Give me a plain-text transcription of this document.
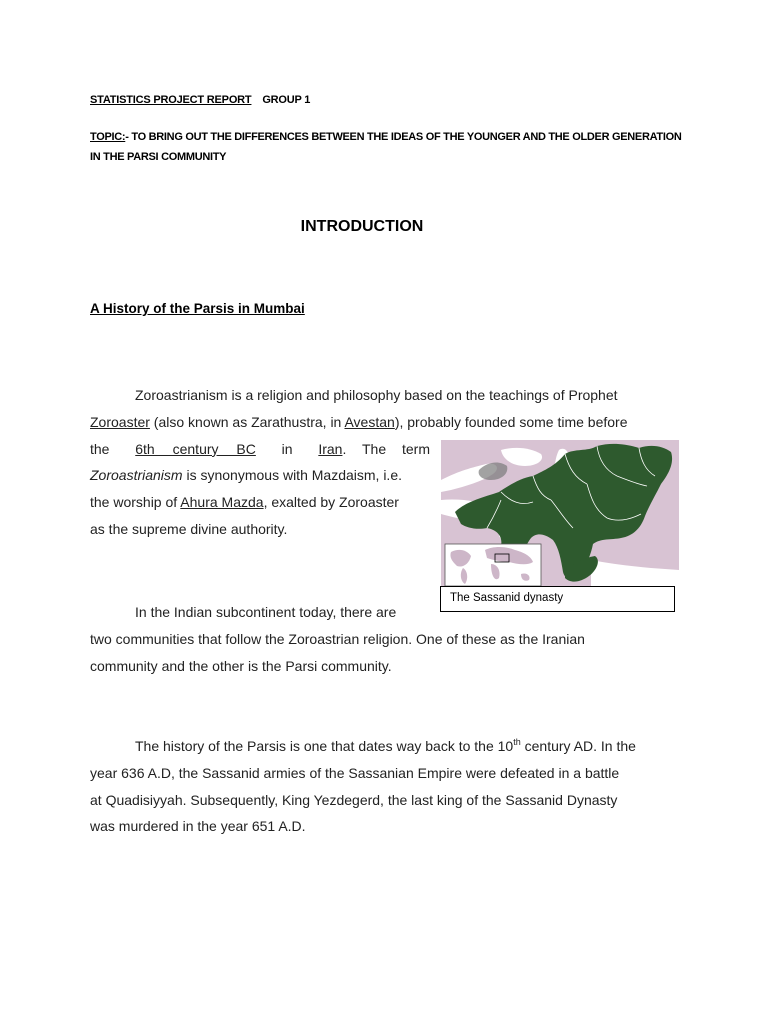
STATISTICS PROJECT REPORT GROUP 1
TOPIC:- TO BRING OUT THE DIFFERENCES BETWEEN THE IDEAS OF THE YOUNGER AND THE OLDER GENERATION IN THE PARSI COMMUNITY
INTRODUCTION
A History of the Parsis in Mumbai
Zoroastrianism is a religion and philosophy based on the teachings of Prophet
Zoroaster (also known as Zarathustra, in Avestan), probably founded some time before
the 6th century BC in Iran. The term
Zoroastrianism is synonymous with Mazdaism, i.e.
the worship of Ahura Mazda, exalted by Zoroaster
as the supreme divine authority.
The Sassanid dynasty
In the Indian subcontinent today, there are
two communities that follow the Zoroastrian religion. One of these as the Iranian
community and the other is the Parsi community.
The history of the Parsis is one that dates way back to the 10th century AD. In the
year 636 A.D, the Sassanid armies of the Sassanian Empire were defeated in a battle
at Quadisiyyah. Subsequently, King Yezdegerd, the last king of the Sassanid Dynasty
was murdered in the year 651 A.D.
